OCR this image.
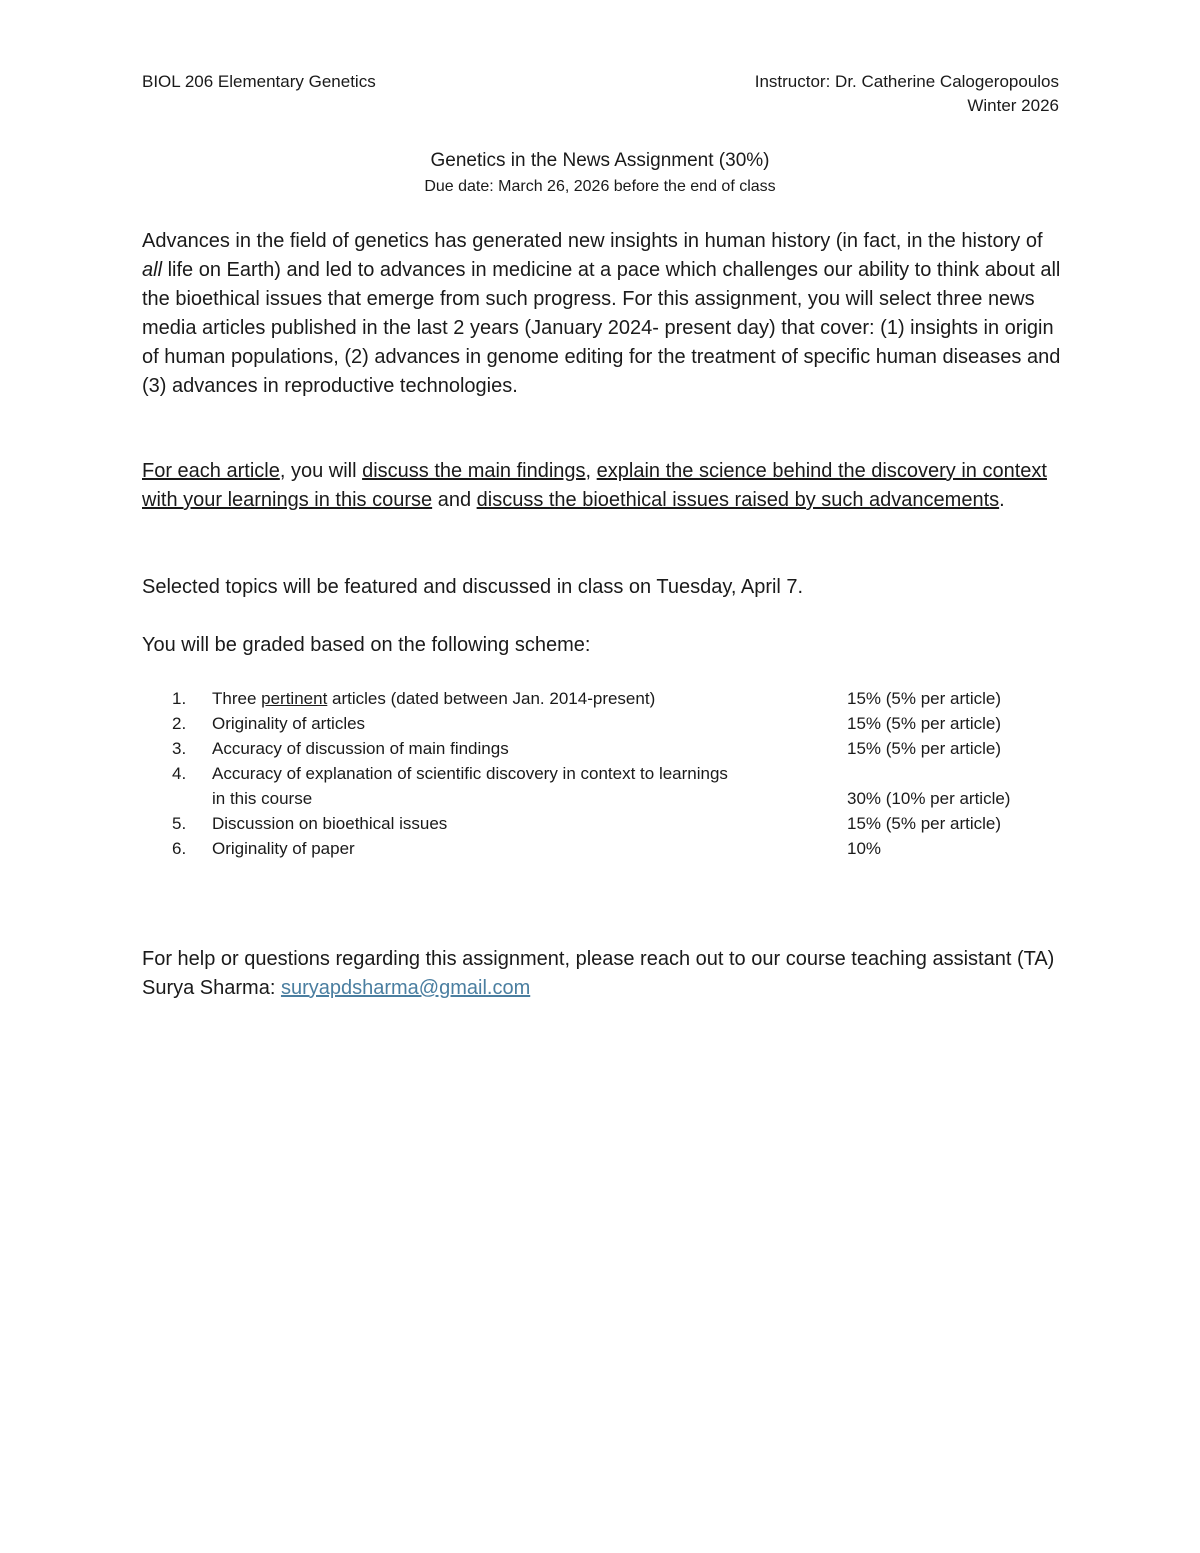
BIOL 206 Elementary Genetics	Instructor: Dr. Catherine Calogeropoulos
Winter 2026
Genetics in the News Assignment (30%)
Due date: March 26, 2026 before the end of class

Advances in the field of genetics has generated new insights in human history (in fact, in the history of all life on Earth) and led to advances in medicine at a pace which challenges our ability to think about all the bioethical issues that emerge from such progress. For this assignment, you will select three news media articles published in the last 2 years (January 2024- present day) that cover: (1) insights in origin of human populations, (2) advances in genome editing for the treatment of specific human diseases and (3) advances in reproductive technologies.

For each article, you will discuss the main findings, explain the science behind the discovery in context with your learnings in this course and discuss the bioethical issues raised by such advancements.

Selected topics will be featured and discussed in class on Tuesday, April 7.

You will be graded based on the following scheme:

1.	Three pertinent articles (dated between Jan. 2014-present)	15% (5% per article)
2.	Originality of articles	15% (5% per article)
3.	Accuracy of discussion of main findings	15% (5% per article)
4.	Accuracy of explanation of scientific discovery in context to learnings
in this course	30% (10% per article)
5.	Discussion on bioethical issues	15% (5% per article)
6.	Originality of paper	10%

For help or questions regarding this assignment, please reach out to our course teaching assistant (TA) Surya Sharma: suryapdsharma@gmail.com
